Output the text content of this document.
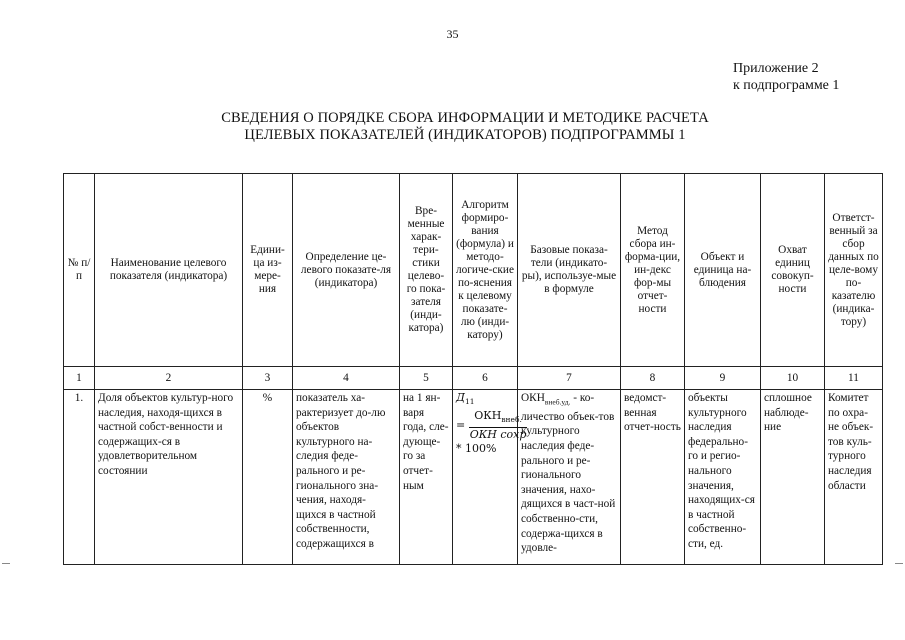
35
Приложение 2
к подпрограмме 1
СВЕДЕНИЯ О ПОРЯДКЕ СБОРА ИНФОРМАЦИИ И МЕТОДИКЕ РАСЧЕТА
ЦЕЛЕВЫХ ПОКАЗАТЕЛЕЙ (ИНДИКАТОРОВ) ПОДПРОГРАММЫ 1
№ п/п	Наименование целевого показателя (индикатора)	Едини-ца из-мере-ния	Определение це-левого показате-ля (индикатора)	Вре-менные харак-тери-стики целево-го пока-зателя (инди-катора)	Алгоритм формиро-вания (формула) и методо-логиче-ские по-яснения к целевому показате-лю (инди-катору)	Базовые показа-тели (индикато-ры), используе-мые в формуле	Метод сбора ин-форма-ции, ин-декс фор-мы отчет-ности	Объект и единица на-блюдения	Охват единиц совокуп-ности	Ответст-венный за сбор данных по целе-вому по-казателю (индика-тору)
1	2	3	4	5	6	7	8	9	10	11
1.	Доля объектов культур-ного наследия, находя-щихся в частной собст-венности и содержащих-ся в удовлетворительном состоянии	%	показатель ха-рактеризует до-лю объектов культурного на-следия феде-рального и ре-гионального зна-чения, находя-щихся в частной собственности, содержащихся в	на 1 ян-варя года, сле-дующе-го за отчет-ным	$Д_{11}$
= $\frac{ОКН_{внеб.}}{\text{ОКН сохр}}$
* 100%	$ОКН_{внеб.уд.}$ - ко-личество объек-тов культурного наследия феде-рального и ре-гионального значения, нахо-дящихся в част-ной собственно-сти, содержа-щихся в удовле-	ведомст-венная отчет-ность	объекты культурного наследия федерально-го и регио-нального значения, находящих-ся в частной собственно-сти, ед.	сплошное наблюде-ние	Комитет по охра-не объек-тов куль-турного наследия области
